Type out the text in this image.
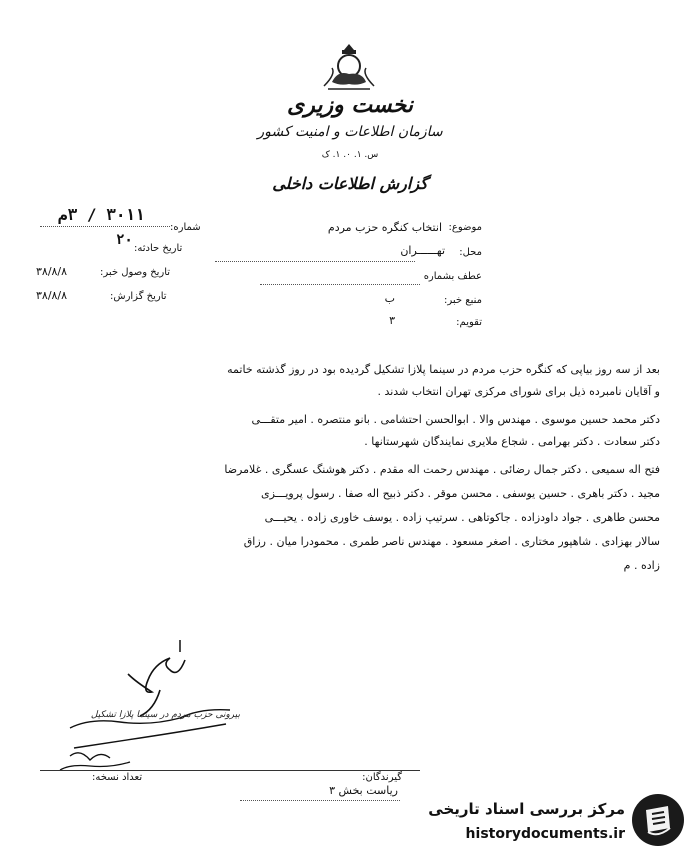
نخست وزیری
سازمان اطلاعات و امنیت کشور
س. ۱. ۰. ۱. ک
گزارش اطلاعات داخلی
موضوع:
انتخاب کنگره حزب مردم
محل:
تهــــــران
عطف بشماره
منبع خبر:
ب
تقویم:
۳
شماره:
۳۰۱۱ / ۳م
تاریخ حادثه:
۲۰
تاریخ وصول خبر:
۳۸/۸/۸
تاریخ گزارش:
۳۸/۸/۸
بعد از سه روز بیاپی که کنگره حزب مردم در سینما پلازا تشکیل گردیده بود در روز گذشته خاتمه
و آقایان نامبرده ذیل برای شورای مرکزی تهران انتخاب شدند .
دکتر محمد حسین موسوی . مهندس والا . ابوالحسن احتشامی . بانو منتصره . امیر متقـــی
دکتر سعادت . دکتر بهرامی . شجاع ملایری نمایندگان شهرستانها .
فتح اله سمیعی . دکتر جمال رضائی . مهندس رحمت اله مقدم . دکتر هوشنگ عسگری . غلامرضا
مجید . دکتر باهری . حسین یوسفی . محسن موقر . دکتر ذبیح اله صفا . رسول پرویـــزی
محسن طاهری . جواد داودزاده . جاکوتاهی . سرتیپ زاده . یوسف خاوری زاده . یحیـــی
سالار بهزادی . شاهپور مختاری . اصغر مسعود . مهندس ناصر طمری . محمودرا میان . رزاق
زاده . م
بیرونی حزب مردم در سینما پلازا تشکیل
تعداد نسخه:	گیرندگان:
ریاست بخش ۳
مرکز بررسی اسناد تاریخی
historydocuments.ir
